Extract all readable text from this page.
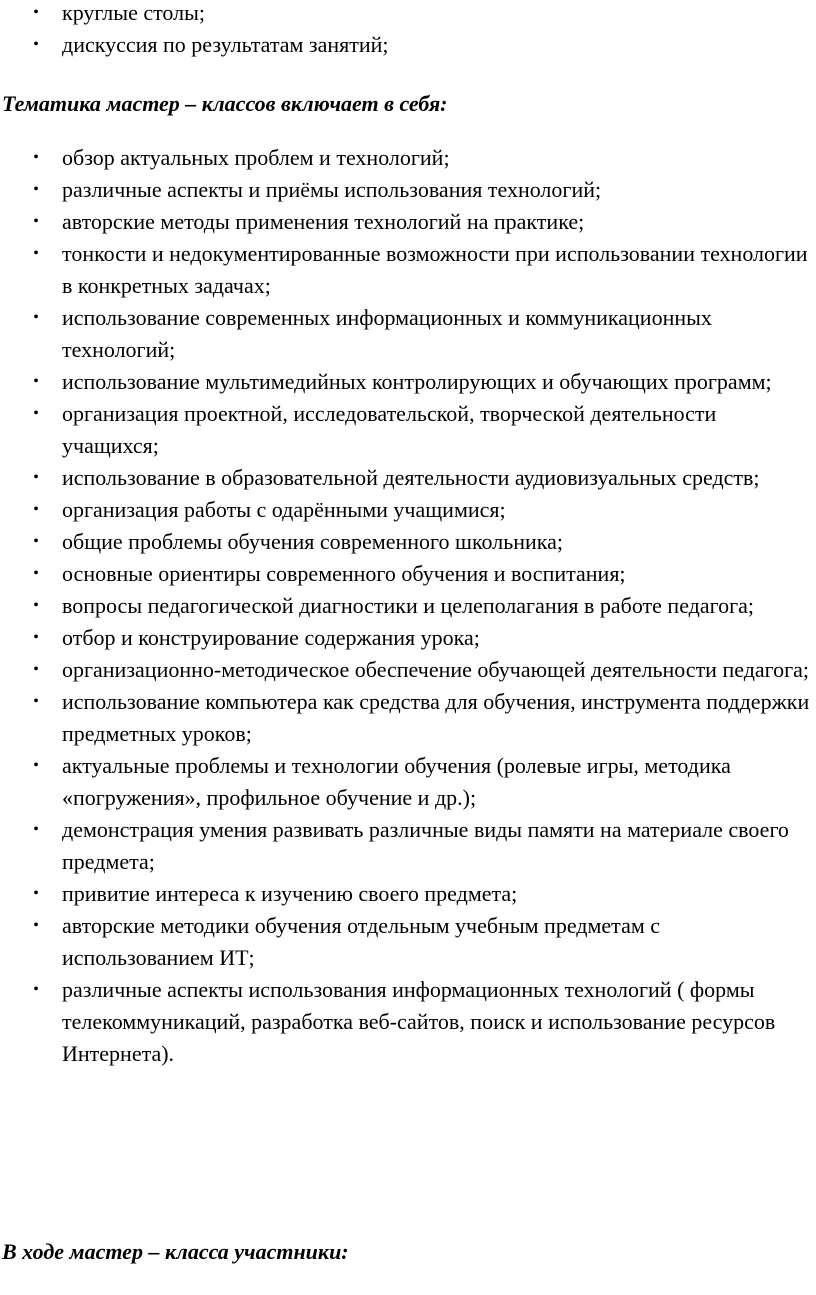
• круглые столы;
• дискуссия по результатам занятий;
Тематика мастер – классов включает в себя:
• обзор актуальных проблем и технологий;
• различные аспекты и приёмы использования технологий;
• авторские методы применения технологий на практике;
• тонкости и недокументированные возможности при использовании технологии в конкретных задачах;
• использование современных информационных и коммуникационных технологий;
• использование мультимедийных контролирующих и обучающих программ;
• организация проектной, исследовательской, творческой деятельности учащихся;
• использование в образовательной деятельности аудиовизуальных средств;
• организация работы с одарёнными учащимися;
• общие проблемы обучения современного школьника;
• основные ориентиры современного обучения и воспитания;
• вопросы педагогической диагностики и целеполагания в работе педагога;
• отбор и конструирование содержания урока;
• организационно-методическое обеспечение обучающей деятельности педагога;
• использование компьютера как средства для обучения, инструмента поддержки предметных уроков;
• актуальные проблемы и технологии обучения (ролевые игры, методика «погружения», профильное обучение и др.);
• демонстрация умения развивать различные виды памяти на материале своего предмета;
• привитие интереса к изучению своего предмета;
• авторские методики обучения отдельным учебным предметам с использованием ИТ;
• различные аспекты использования информационных технологий ( формы телекоммуникаций, разработка веб-сайтов, поиск и использование ресурсов Интернета).
В ходе мастер – класса участники:
